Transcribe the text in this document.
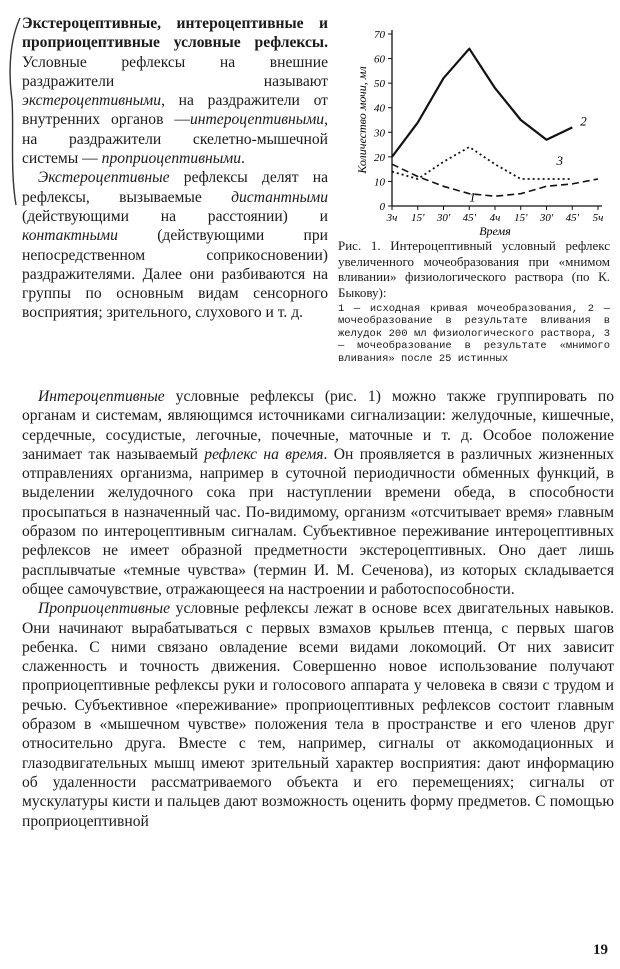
Экстероцептивные, интероцептивные и проприоцептивные условные рефлексы. Условные рефлексы на внешние раздражители называют экстероцептивными, на раздражители от внутренних органов —интероцептивными, на раздражители скелетно-мышечной системы — проприоцептивными.

Экстероцептивные рефлексы делят на рефлексы, вызываемые дистантными (действующими на расстоянии) и контактными (действующими при непосредственном соприкосновении) раздражителями. Далее они разбиваются на группы по основным видам сенсорного восприятия; зрительного, слухового и т. д.

0
10
20
30
40
50
60
70
3ч 15' 30' 45' 4ч 15' 30' 45' 5ч
Время
Количество мочи, мл
1
2
3

Рис. 1. Интероцептивный условный рефлекс увеличенного мочеобразования при «мнимом вливании» физиологического раствора (по К. Быкову):

1 — исходная кривая мочеобразования, 2 — мочеобразование в результате вливания в желудок 200 мл физиологического раствора, 3 — мочеобразование в результате «мнимого вливания» после 25 истинных

Интероцептивные условные рефлексы (рис. 1) можно также группировать по органам и системам, являющимся источниками сигнализации: желудочные, кишечные, сердечные, сосудистые, легочные, почечные, маточные и т. д. Особое положение занимает так называемый рефлекс на время. Он проявляется в различных жизненных отправлениях организма, например в суточной периодичности обменных функций, в выделении желудочного сока при наступлении времени обеда, в способности просыпаться в назначенный час. По-видимому, организм «отсчитывает время» главным образом по интероцептивным сигналам. Субъективное переживание интероцептивных рефлексов не имеет образной предметности экстероцептивных. Оно дает лишь расплывчатые «темные чувства» (термин И. М. Сеченова), из которых складывается общее самочувствие, отражающееся на настроении и работоспособности.

Проприоцептивные условные рефлексы лежат в основе всех двигательных навыков. Они начинают вырабатываться с первых взмахов крыльев птенца, с первых шагов ребенка. С ними связано овладение всеми видами локомоций. От них зависит слаженность и точность движения. Совершенно новое использование получают проприоцептивные рефлексы руки и голосового аппарата у человека в связи с трудом и речью. Субъективное «переживание» проприоцептивных рефлексов состоит главным образом в «мышечном чувстве» положения тела в пространстве и его членов друг относительно друга. Вместе с тем, например, сигналы от аккомодационных и глазодвигательных мышц имеют зрительный характер восприятия: дают информацию об удаленности рассматриваемого объекта и его перемещениях; сигналы от мускулатуры кисти и пальцев дают возможность оценить форму предметов. С помощью проприоцептивной

19
